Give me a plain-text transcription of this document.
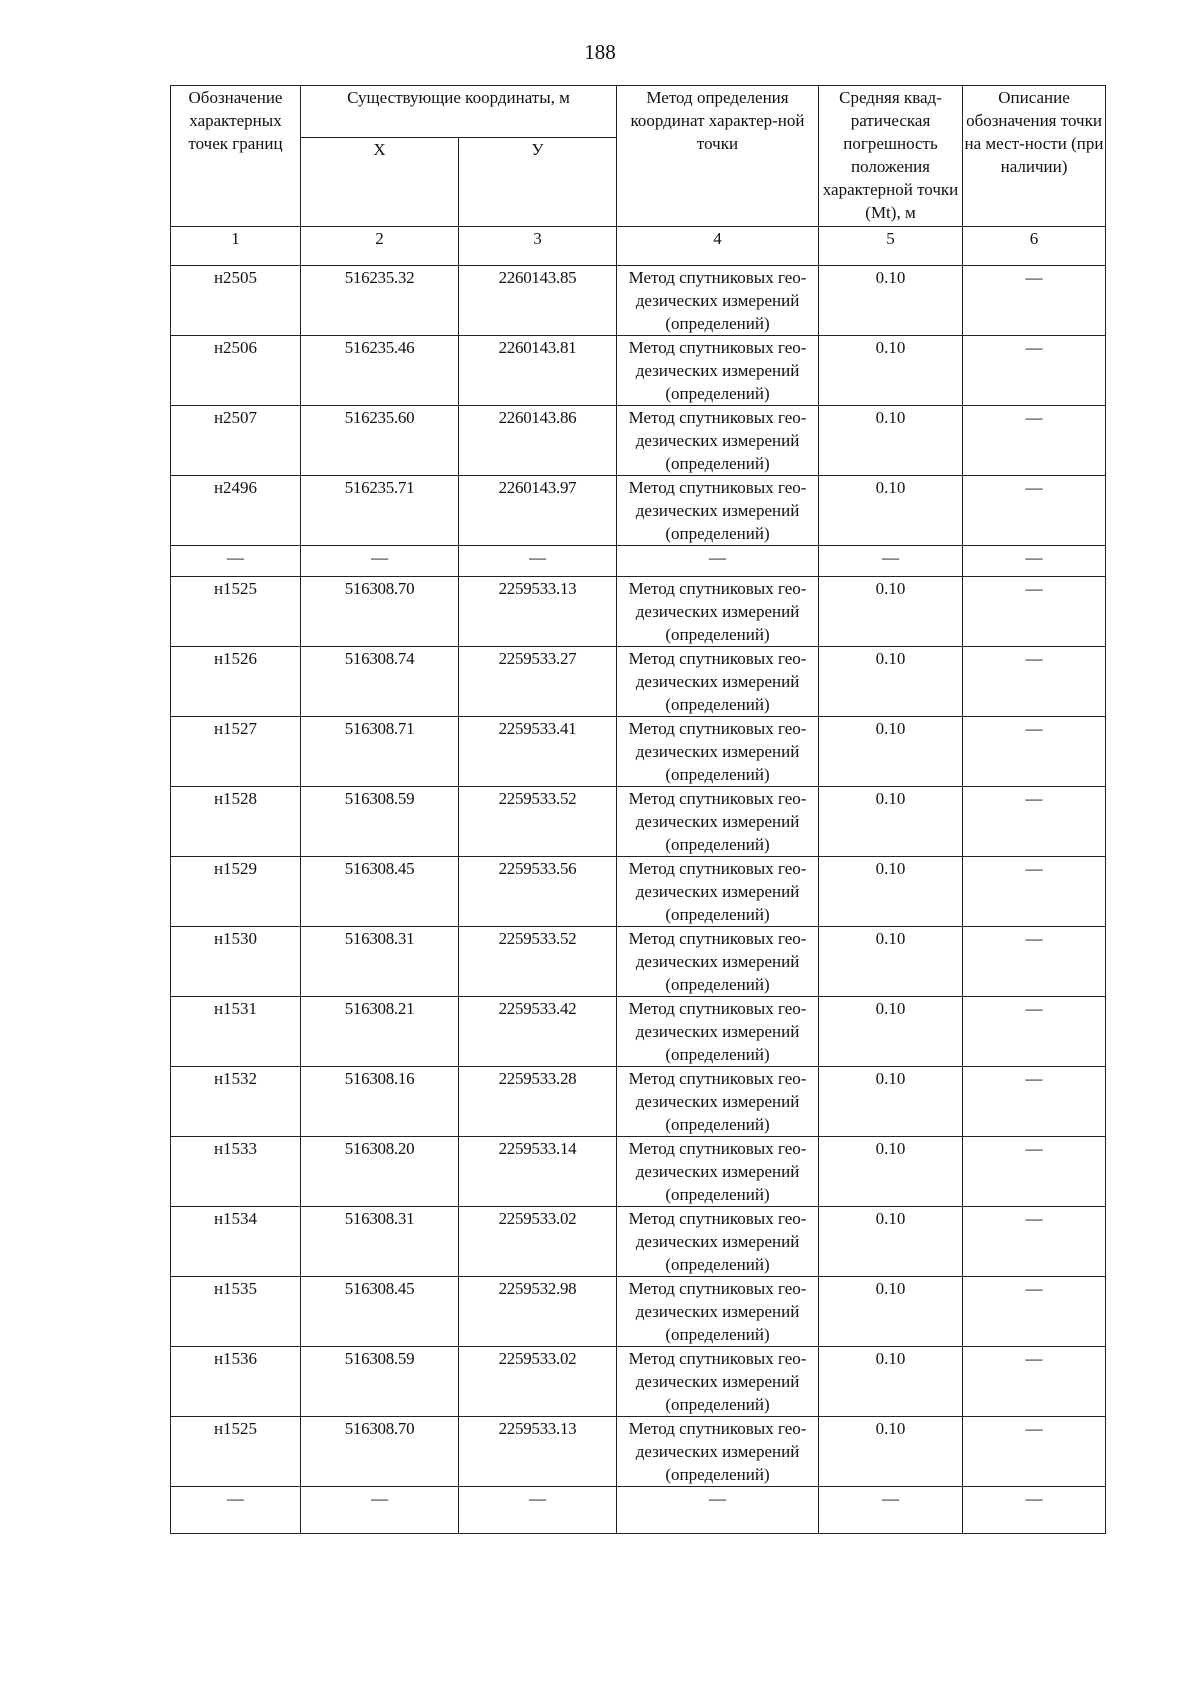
188
Обозначение характерных точек границ	Существующие координаты, м		Метод определения координат характер-ной точки	Средняя квад-ратическая погрешность положения характерной точки (Mt), м	Описание обозначения точки на мест-ности (при наличии)
	X	У			
1	2	3	4	5	6
н2505	516235.32	2260143.85	Метод спутниковых гео-дезических измерений (определений)	0.10	—
н2506	516235.46	2260143.81	Метод спутниковых гео-дезических измерений (определений)	0.10	—
н2507	516235.60	2260143.86	Метод спутниковых гео-дезических измерений (определений)	0.10	—
н2496	516235.71	2260143.97	Метод спутниковых гео-дезических измерений (определений)	0.10	—
—	—	—	—	—	—
н1525	516308.70	2259533.13	Метод спутниковых гео-дезических измерений (определений)	0.10	—
н1526	516308.74	2259533.27	Метод спутниковых гео-дезических измерений (определений)	0.10	—
н1527	516308.71	2259533.41	Метод спутниковых гео-дезических измерений (определений)	0.10	—
н1528	516308.59	2259533.52	Метод спутниковых гео-дезических измерений (определений)	0.10	—
н1529	516308.45	2259533.56	Метод спутниковых гео-дезических измерений (определений)	0.10	—
н1530	516308.31	2259533.52	Метод спутниковых гео-дезических измерений (определений)	0.10	—
н1531	516308.21	2259533.42	Метод спутниковых гео-дезических измерений (определений)	0.10	—
н1532	516308.16	2259533.28	Метод спутниковых гео-дезических измерений (определений)	0.10	—
н1533	516308.20	2259533.14	Метод спутниковых гео-дезических измерений (определений)	0.10	—
н1534	516308.31	2259533.02	Метод спутниковых гео-дезических измерений (определений)	0.10	—
н1535	516308.45	2259532.98	Метод спутниковых гео-дезических измерений (определений)	0.10	—
н1536	516308.59	2259533.02	Метод спутниковых гео-дезических измерений (определений)	0.10	—
н1525	516308.70	2259533.13	Метод спутниковых гео-дезических измерений (определений)	0.10	—
—	—	—	—	—	—
